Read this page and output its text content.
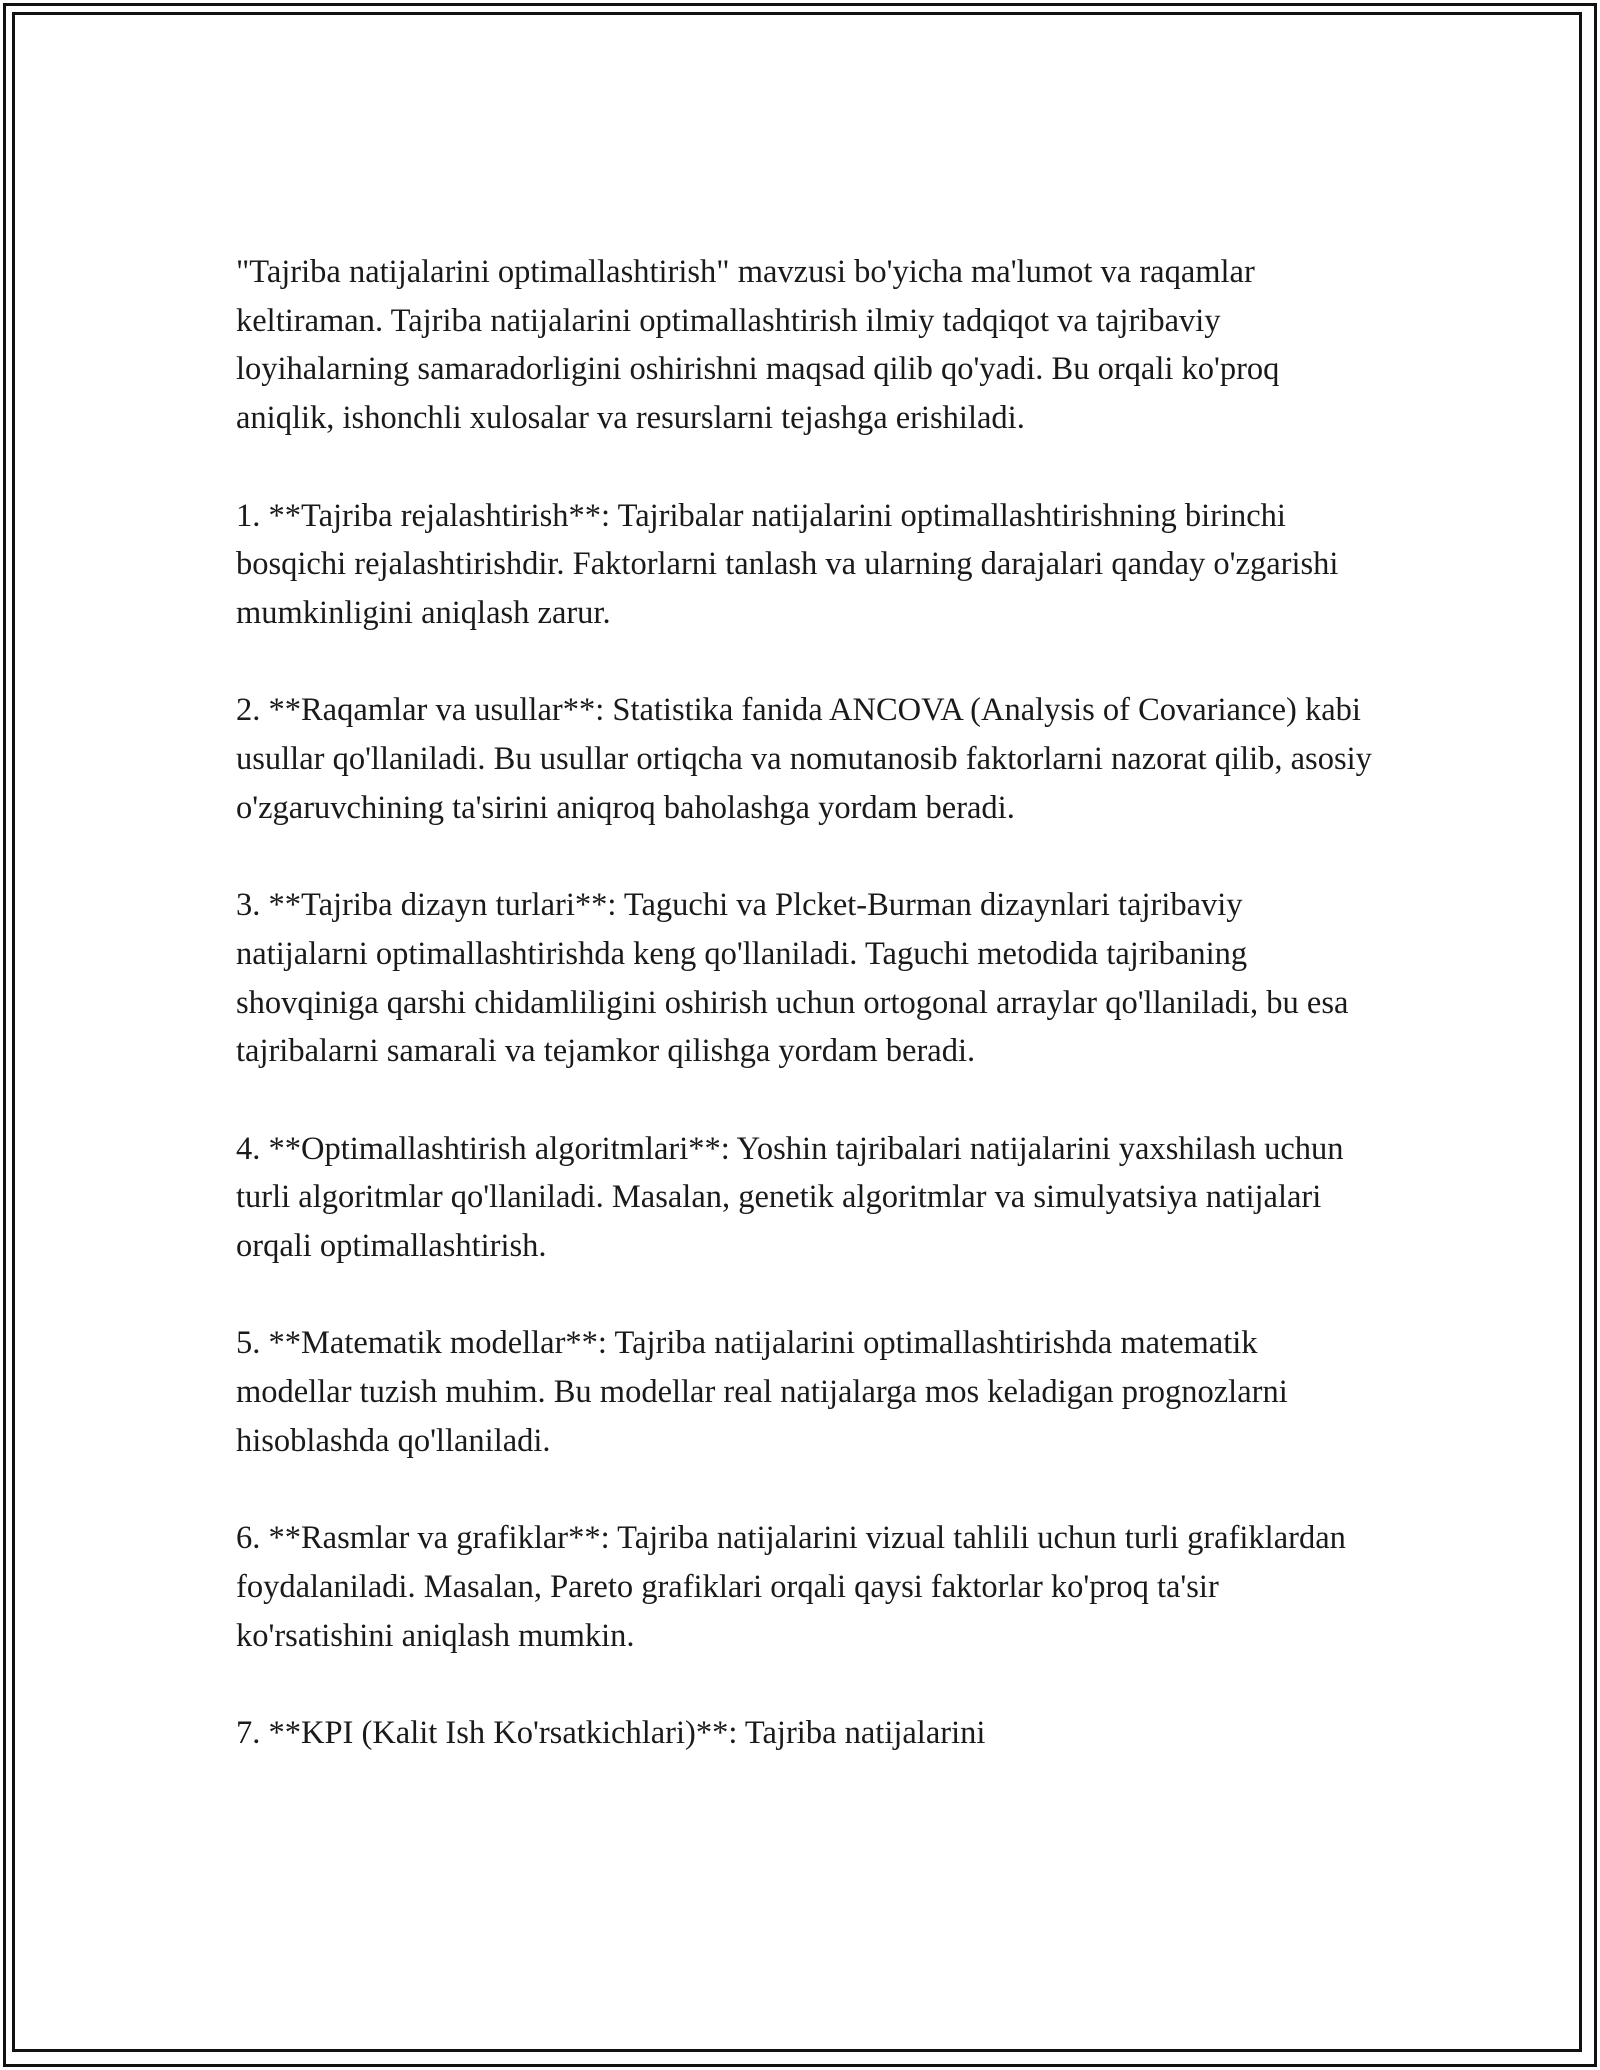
"Tajriba natijalarini optimallashtirish" mavzusi bo'yicha ma'lumot va raqamlar keltiraman. Tajriba natijalarini optimallashtirish ilmiy tadqiqot va tajribaviy loyihalarning samaradorligini oshirishni maqsad qilib qo'yadi. Bu orqali ko'proq aniqlik, ishonchli xulosalar va resurslarni tejashga erishiladi.

1. **Tajriba rejalashtirish**: Tajribalar natijalarini optimallashtirishning birinchi bosqichi rejalashtirishdir. Faktorlarni tanlash va ularning darajalari qanday o'zgarishi mumkinligini aniqlash zarur.

2. **Raqamlar va usullar**: Statistika fanida ANCOVA (Analysis of Covariance) kabi usullar qo'llaniladi. Bu usullar ortiqcha va nomutanosib faktorlarni nazorat qilib, asosiy o'zgaruvchining ta'sirini aniqroq baholashga yordam beradi.

3. **Tajriba dizayn turlari**: Taguchi va Plcket-Burman dizaynlari tajribaviy natijalarni optimallashtirishda keng qo'llaniladi. Taguchi metodida tajribaning shovqiniga qarshi chidamliligini oshirish uchun ortogonal arraylar qo'llaniladi, bu esa tajribalarni samarali va tejamkor qilishga yordam beradi.

4. **Optimallashtirish algoritmlari**: Yoshin tajribalari natijalarini yaxshilash uchun turli algoritmlar qo'llaniladi. Masalan, genetik algoritmlar va simulyatsiya natijalari orqali optimallashtirish.

5. **Matematik modellar**: Tajriba natijalarini optimallashtirishda matematik modellar tuzish muhim. Bu modellar real natijalarga mos keladigan prognozlarni hisoblashda qo'llaniladi.

6. **Rasmlar va grafiklar**: Tajriba natijalarini vizual tahlili uchun turli grafiklardan foydalaniladi. Masalan, Pareto grafiklari orqali qaysi faktorlar ko'proq ta'sir ko'rsatishini aniqlash mumkin.

7. **KPI (Kalit Ish Ko'rsatkichlari)**: Tajriba natijalarini
